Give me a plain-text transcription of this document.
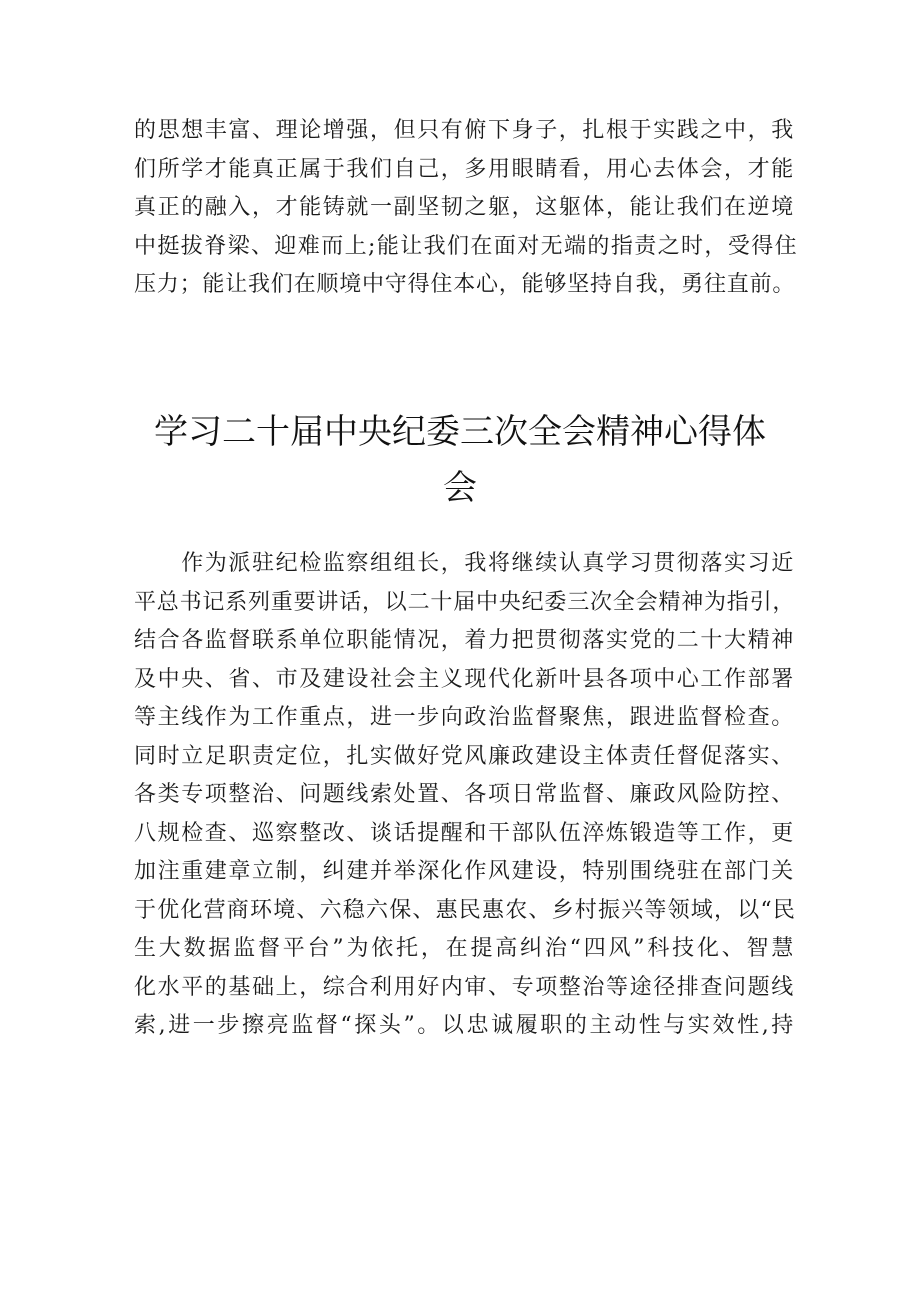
的思想丰富、理论增强，但只有俯下身子，扎根于实践之中，我
们所学才能真正属于我们自己，多用眼睛看，用心去体会，才能
真正的融入，才能铸就一副坚韧之躯，这躯体，能让我们在逆境
中挺拔脊梁、迎难而上;能让我们在面对无端的指责之时，受得住
压力；能让我们在顺境中守得住本心，能够坚持自我，勇往直前。
学习二十届中央纪委三次全会精神心得体
会
　　作为派驻纪检监察组组长，我将继续认真学习贯彻落实习近
平总书记系列重要讲话，以二十届中央纪委三次全会精神为指引，
结合各监督联系单位职能情况，着力把贯彻落实党的二十大精神
及中央、省、市及建设社会主义现代化新叶县各项中心工作部署
等主线作为工作重点，进一步向政治监督聚焦，跟进监督检查。
同时立足职责定位，扎实做好党风廉政建设主体责任督促落实、
各类专项整治、问题线索处置、各项日常监督、廉政风险防控、
八规检查、巡察整改、谈话提醒和干部队伍淬炼锻造等工作，更
加注重建章立制，纠建并举深化作风建设，特别围绕驻在部门关
于优化营商环境、六稳六保、惠民惠农、乡村振兴等领域，以“民
生大数据监督平台”为依托，在提高纠治“四风”科技化、智慧
化水平的基础上，综合利用好内审、专项整治等途径排查问题线
索,进一步擦亮监督“探头”。以忠诚履职的主动性与实效性,持
